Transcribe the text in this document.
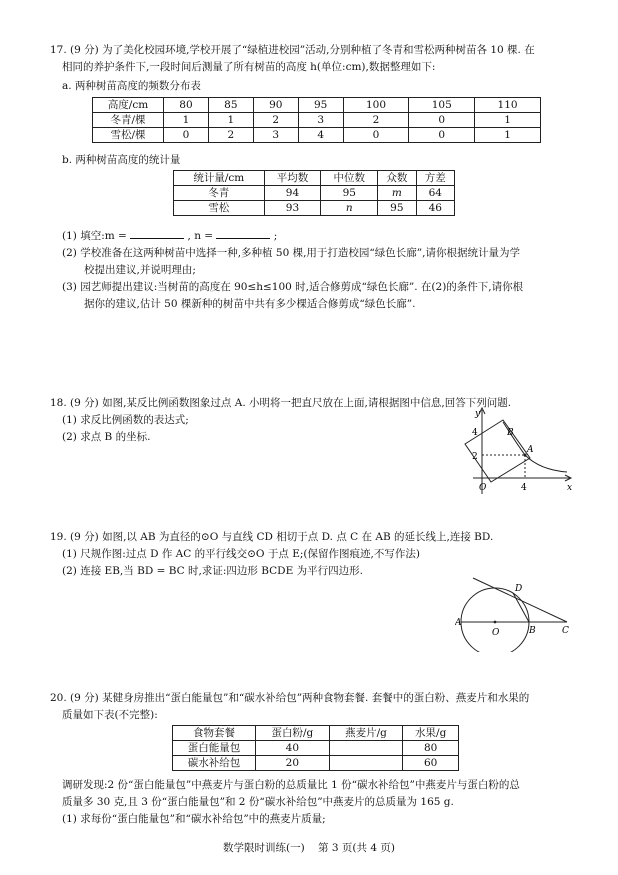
17. (9 分) 为了美化校园环境,学校开展了“绿植进校园”活动,分别种植了冬青和雪松两种树苗各 10 棵. 在
相同的养护条件下,一段时间后测量了所有树苗的高度 h(单位:cm),数据整理如下:
a. 两种树苗高度的频数分布表
高度/cm	80	85	90	95	100	105	110
冬青/棵	1	1	2	3	2	0	1
雪松/棵	0	2	3	4	0	0	1
b. 两种树苗高度的统计量
统计量/cm	平均数	中位数	众数	方差
冬青	94	95	m	64
雪松	93	n	95	46
(1) 填空:m =	, n =	;
(2) 学校准备在这两种树苗中选择一种,多种植 50 棵,用于打造校园“绿色长廊”,请你根据统计量为学
校提出建议,并说明理由;
(3) 园艺师提出建议:当树苗的高度在 90≤h≤100 时,适合修剪成“绿色长廊”. 在(2)的条件下,请你根
据你的建议,估计 50 棵新种的树苗中共有多少棵适合修剪成“绿色长廊”.
18. (9 分) 如图,某反比例函数图象过点 A. 小明将一把直尺放在上面,请根据图中信息,回答下列问题.
(1) 求反比例函数的表达式;
(2) 求点 B 的坐标.
y
x
O
4
2
4
A
B
19. (9 分) 如图,以 AB 为直径的⊙O 与直线 CD 相切于点 D. 点 C 在 AB 的延长线上,连接 BD.
(1) 尺规作图:过点 D 作 AC 的平行线交⊙O 于点 E;(保留作图痕迹,不写作法)
(2) 连接 EB,当 BD = BC 时,求证:四边形 BCDE 为平行四边形.
A
O	B	C
D
20. (9 分) 某健身房推出“蛋白能量包”和“碳水补给包”两种食物套餐. 套餐中的蛋白粉、燕麦片和水果的
质量如下表(不完整):
食物套餐	蛋白粉/g	燕麦片/g	水果/g
蛋白能量包	40		80
碳水补给包	20		60
调研发现:2 份“蛋白能量包”中燕麦片与蛋白粉的总质量比 1 份“碳水补给包”中燕麦片与蛋白粉的总
质量多 30 克,且 3 份“蛋白能量包”和 2 份“碳水补给包”中燕麦片的总质量为 165 g.
(1) 求每份“蛋白能量包”和“碳水补给包”中的燕麦片质量;
数学限时训练(一)    第 3 页(共 4 页)
